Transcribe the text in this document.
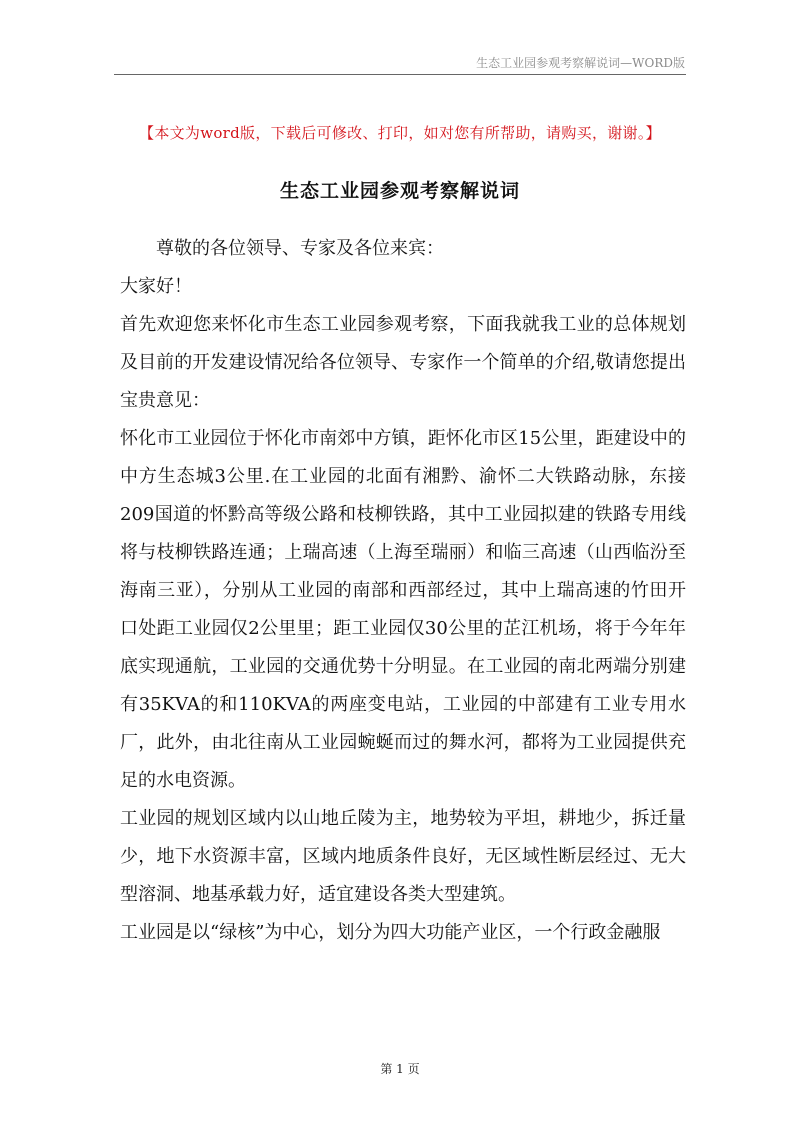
生态工业园参观考察解说词—WORD版
【本文为word版，下载后可修改、打印，如对您有所帮助，请购买，谢谢。】
生态工业园参观考察解说词

尊敬的各位领导、专家及各位来宾：

大家好！

首先欢迎您来怀化市生态工业园参观考察，下面我就我工业的总体规划及目前的开发建设情况给各位领导、专家作一个简单的介绍,敬请您提出宝贵意见：

怀化市工业园位于怀化市南郊中方镇，距怀化市区15公里，距建设中的中方生态城3公里.在工业园的北面有湘黔、渝怀二大铁路动脉，东接209国道的怀黔高等级公路和枝柳铁路，其中工业园拟建的铁路专用线将与枝柳铁路连通；上瑞高速（上海至瑞丽）和临三高速（山西临汾至海南三亚），分别从工业园的南部和西部经过，其中上瑞高速的竹田开口处距工业园仅2公里里；距工业园仅30公里的芷江机场，将于今年年底实现通航，工业园的交通优势十分明显。在工业园的南北两端分别建有35KVA的和110KVA的两座变电站，工业园的中部建有工业专用水厂，此外，由北往南从工业园蜿蜒而过的舞水河，都将为工业园提供充足的水电资源。

工业园的规划区域内以山地丘陵为主，地势较为平坦，耕地少，拆迁量少，地下水资源丰富，区域内地质条件良好，无区域性断层经过、无大型溶洞、地基承载力好，适宜建设各类大型建筑。

工业园是以“绿核”为中心，划分为四大功能产业区，一个行政金融服

第 1 页
